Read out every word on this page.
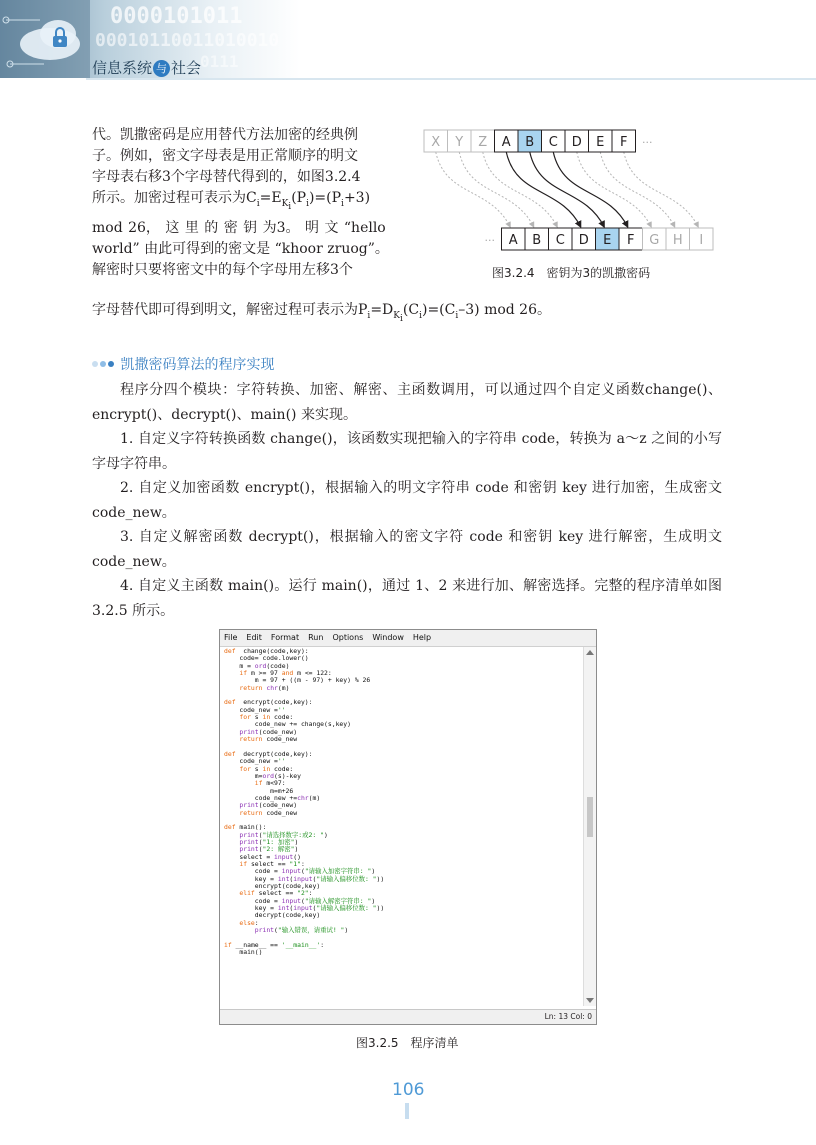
0000101011
00010110011010010
0111
信息系统 与 社会

代。凯撒密码是应用替代方法加密的经典例

子。例如，密文字母表是用正常顺序的明文

字母表右移3个字母替代得到的，如图3.2.4

所示。加密过程可表示为$C_i=E_{K_i}(P_i)=(P_i+3)$

mod 26， 这 里 的 密 钥 为3。 明 文 “hello

world” 由此可得到的密文是 “khoor zruog”。

解密时只要将密文中的每个字母用左移3个

字母替代即可得到明文，解密过程可表示为$P_i=D_{K_i}(C_i)=(C_i-3)$ mod 26。

X Y Z A B C D E F ···
··· A B C D E F G H I
图3.2.4　密钥为3的凯撒密码
凯撒密码算法的程序实现

程序分四个模块：字符转换、加密、解密、主函数调用，可以通过四个自定义函数change()、encrypt()、decrypt()、main() 来实现。

1. 自定义字符转换函数 change()，该函数实现把输入的字符串 code，转换为 a～z 之间的小写字母字符串。

2. 自定义加密函数 encrypt()，根据输入的明文字符串 code 和密钥 key 进行加密，生成密文 code_new。

3. 自定义解密函数 decrypt()，根据输入的密文字符 code 和密钥 key 进行解密，生成明文 code_new。

4. 自定义主函数 main()。运行 main()，通过 1、2 来进行加、解密选择。完整的程序清单如图 3.2.5 所示。

File Edit Format Run Options Window Help
def  change(code,key):
code= code.lower()
m = ord(code)
if m >= 97 and m <= 122:
m = 97 + ((m - 97) + key) % 26
return chr(m)

def  encrypt(code,key):
code_new =''
for s in code:
code_new += change(s,key)
print(code_new)
return code_new

def  decrypt(code,key):
code_new =''
for s in code:
m=ord(s)-key
if m<97:
m=m+26
code_new +=chr(m)
print(code_new)
return code_new

def main():
print("请选择数字:或2: ")
print("1: 加密")
print("2: 解密")
select = input()
if select == "1":
code = input("请输入加密字符串: ")
key = int(input("请输入偏移位数: "))
encrypt(code,key)
elif select == "2":
code = input("请输入解密字符串: ")
key = int(input("请输入偏移位数: "))
decrypt(code,key)
else:
print("输入错误，请重试! ")

if __name__ == '__main__':
main()
Ln: 13 Col: 0
图3.2.5　程序清单
106
